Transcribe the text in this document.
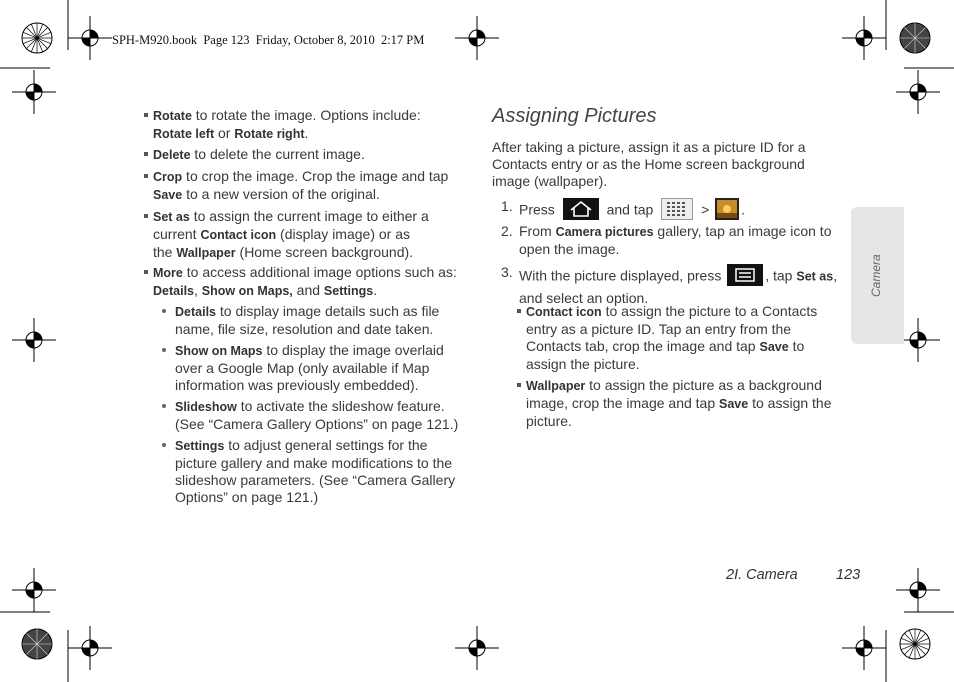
SPH-M920.book  Page 123  Friday, October 8, 2010  2:17 PM
Rotate to rotate the image. Options include:
Rotate left or Rotate right.
Delete to delete the current image.
Crop to crop the image. Crop the image and tap
Save to a new version of the original.
Set as to assign the current image to either a
current Contact icon (display image) or as
the Wallpaper (Home screen background).
More to access additional image options such as:
Details, Show on Maps, and Settings.
Details to display image details such as file
name, file size, resolution and date taken.
Show on Maps to display the image overlaid
over a Google Map (only available if Map
information was previously embedded).
Slideshow to activate the slideshow feature.
(See “Camera Gallery Options” on page 121.)
Settings to adjust general settings for the
picture gallery and make modifications to the
slideshow parameters. (See “Camera Gallery
Options” on page 121.)
Assigning Pictures
After taking a picture, assign it as a picture ID for a
Contacts entry or as the Home screen background
image (wallpaper).
1. Press	and tap	> .
2. From Camera pictures gallery, tap an image icon to
open the image.
3. With the picture displayed, press	, tap Set as,
and select an option.
Contact icon to assign the picture to a Contacts
entry as a picture ID. Tap an entry from the
Contacts tab, crop the image and tap Save to
assign the picture.
Wallpaper to assign the picture as a background
image, crop the image and tap Save to assign the
picture.
Camera
2I. Camera	123
